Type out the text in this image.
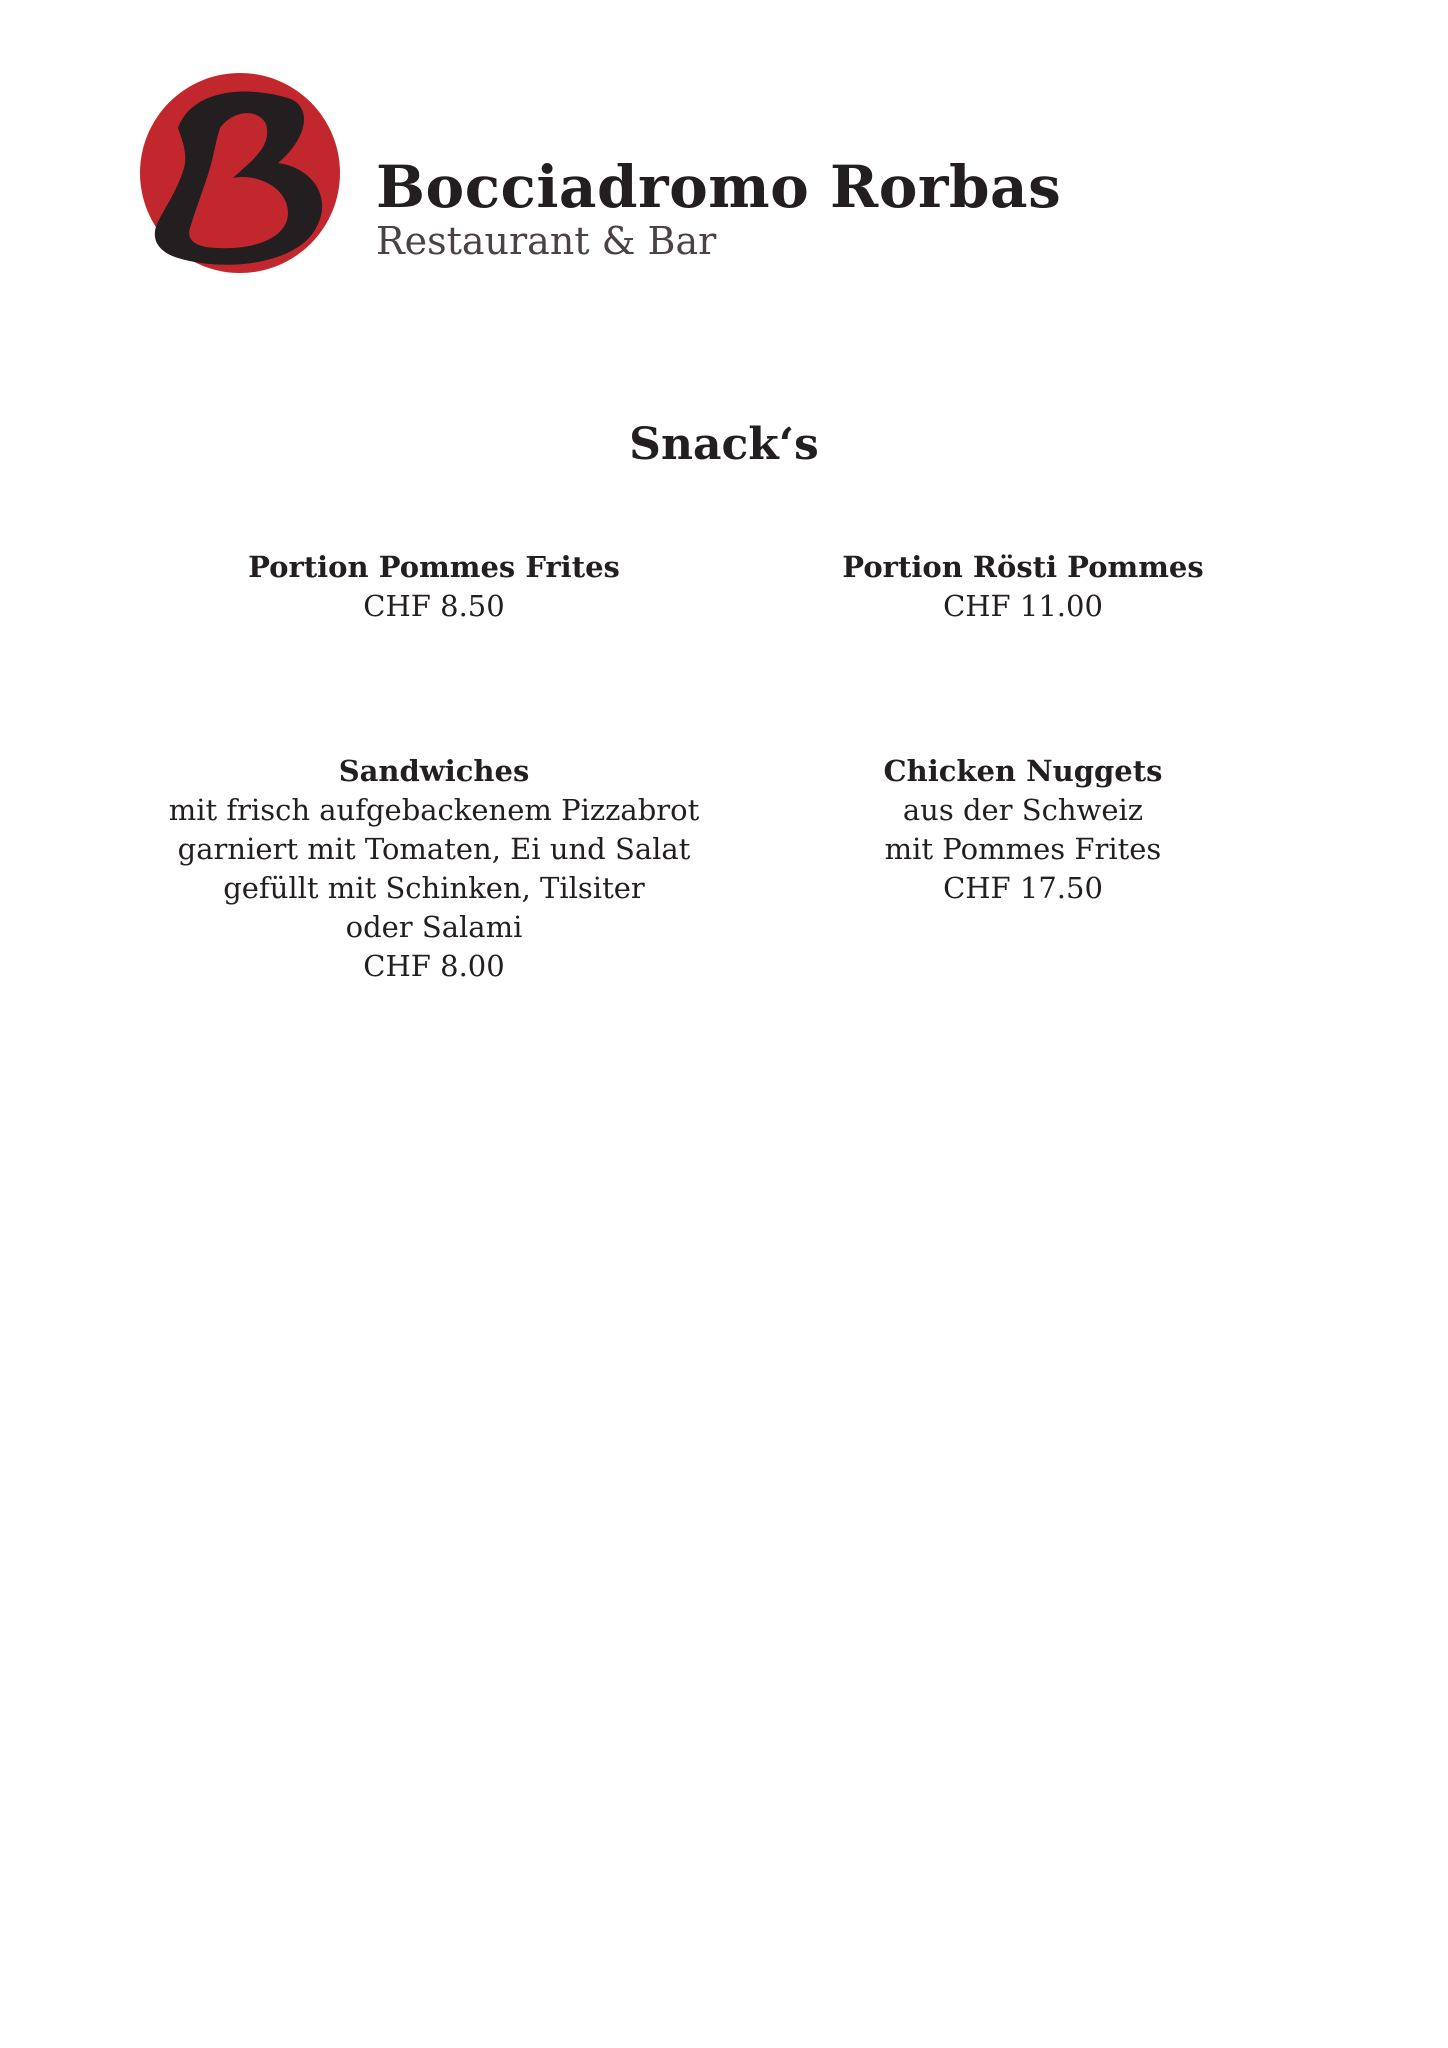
Bocciadromo Rorbas
Restaurant & Bar
Snack‘s
Portion Pommes Frites
CHF 8.50
Portion Rösti Pommes
CHF 11.00
Sandwiches
mit frisch aufgebackenem Pizzabrot
garniert mit Tomaten, Ei und Salat
gefüllt mit Schinken, Tilsiter
oder Salami
CHF 8.00
Chicken Nuggets
aus der Schweiz
mit Pommes Frites
CHF 17.50
